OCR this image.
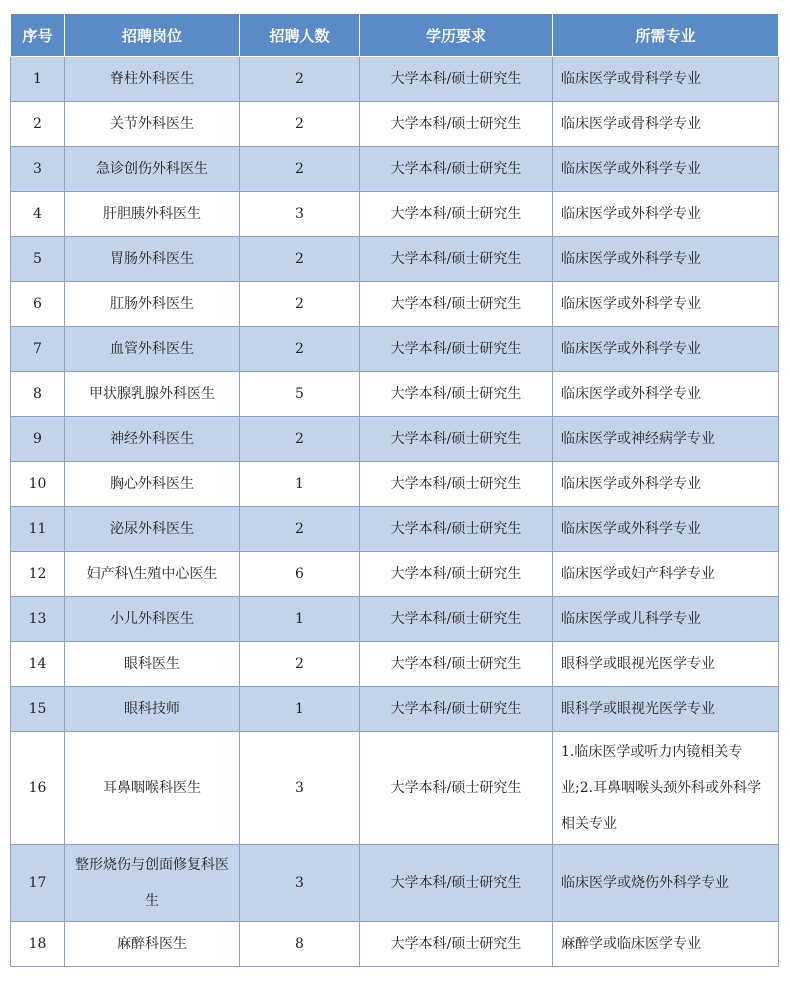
序号	招聘岗位	招聘人数	学历要求	所需专业
1	脊柱外科医生	2	大学本科/硕士研究生	临床医学或骨科学专业
2	关节外科医生	2	大学本科/硕士研究生	临床医学或骨科学专业
3	急诊创伤外科医生	2	大学本科/硕士研究生	临床医学或外科学专业
4	肝胆胰外科医生	3	大学本科/硕士研究生	临床医学或外科学专业
5	胃肠外科医生	2	大学本科/硕士研究生	临床医学或外科学专业
6	肛肠外科医生	2	大学本科/硕士研究生	临床医学或外科学专业
7	血管外科医生	2	大学本科/硕士研究生	临床医学或外科学专业
8	甲状腺乳腺外科医生	5	大学本科/硕士研究生	临床医学或外科学专业
9	神经外科医生	2	大学本科/硕士研究生	临床医学或神经病学专业
10	胸心外科医生	1	大学本科/硕士研究生	临床医学或外科学专业
11	泌尿外科医生	2	大学本科/硕士研究生	临床医学或外科学专业
12	妇产科\生殖中心医生	6	大学本科/硕士研究生	临床医学或妇产科学专业
13	小儿外科医生	1	大学本科/硕士研究生	临床医学或儿科学专业
14	眼科医生	2	大学本科/硕士研究生	眼科学或眼视光医学专业
15	眼科技师	1	大学本科/硕士研究生	眼科学或眼视光医学专业
16	耳鼻咽喉科医生	3	大学本科/硕士研究生	1.临床医学或听力内镜相关专业;2.耳鼻咽喉头颈外科或外科学相关专业
17	整形烧伤与创面修复科医生	3	大学本科/硕士研究生	临床医学或烧伤外科学专业
18	麻醉科医生	8	大学本科/硕士研究生	麻醉学或临床医学专业
